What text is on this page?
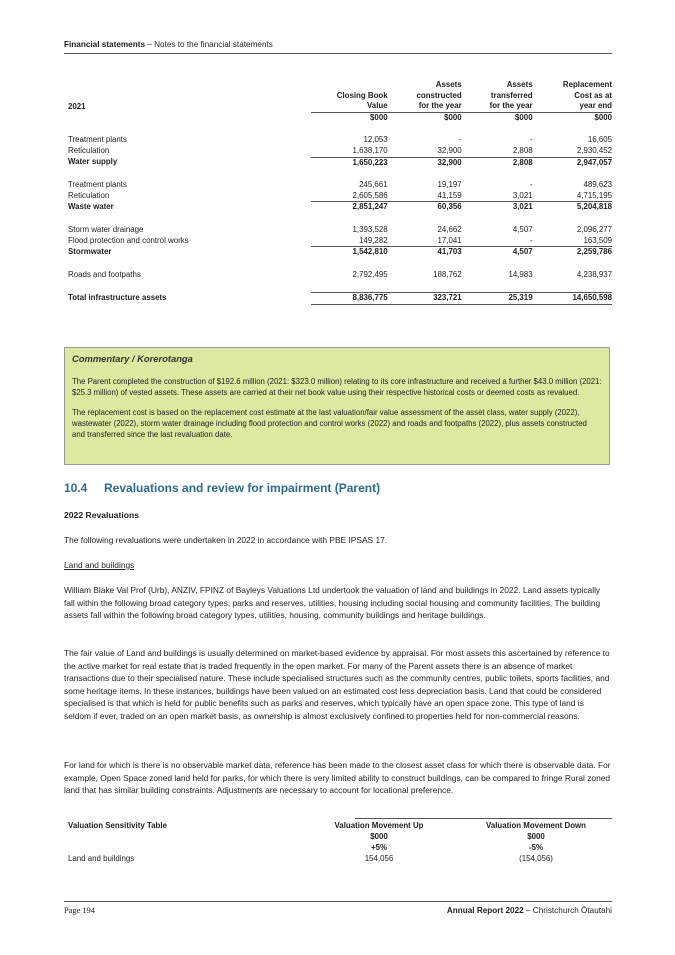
Financial statements – Notes to the financial statements
		Assets	Assets	Replacement
	Closing Book	constructed	transferred	Cost as at
2021	Value	for the year	for the year	year end
	$000	$000	$000	$000

Treatment plants	12,053	-	-	16,605
Reticulation	1,638,170	32,900	2,808	2,930,452
Water supply	1,650,223	32,900	2,808	2,947,057

Treatment plants	245,661	19,197	-	489,623
Reticulation	2,605,586	41,159	3,021	4,715,195
Waste water	2,851,247	60,356	3,021	5,204,818

Storm water drainage	1,393,528	24,662	4,507	2,096,277
Flood protection and control works	149,282	17,041	-	163,509
Stormwater	1,542,810	41,703	4,507	2,259,786

Roads and footpaths	2,792,495	188,762	14,983	4,238,937

Total infrastructure assets	8,836,775	323,721	25,319	14,650,598
Commentary / Korerotanga

The Parent completed the construction of $192.6 million (2021: $323.0 million) relating to its core infrastructure and received a further $43.0 million (2021: $25.3 million) of vested assets. These assets are carried at their net book value using their respective historical costs or deemed costs as revalued.

The replacement cost is based on the replacement cost estimate at the last valuation/fair value assessment of the asset class, water supply (2022), wastewater (2022), storm water drainage including flood protection and control works (2022) and roads and footpaths (2022), plus assets constructed and transferred since the last revaluation date.

10.4 Revaluations and review for impairment (Parent)
2022 Revaluations
The following revaluations were undertaken in 2022 in accordance with PBE IPSAS 17.
Land and buildings
William Blake Val Prof (Urb), ANZIV, FPINZ of Bayleys Valuations Ltd undertook the valuation of land and buildings in 2022. Land assets typically fall within the following broad category types, parks and reserves, utilities, housing including social housing and community facilities. The building assets fall within the following broad category types, utilities, housing, community buildings and heritage buildings.
The fair value of Land and buildings is usually determined on market-based evidence by appraisal. For most assets this ascertained by reference to the active market for real estate that is traded frequently in the open market. For many of the Parent assets there is an absence of market transactions due to their specialised nature. These include specialised structures such as the community centres, public toilets, sports facilities, and some heritage items. In these instances, buildings have been valued on an estimated cost less depreciation basis. Land that could be considered specialised is that which is held for public benefits such as parks and reserves, which typically have an open space zone. This type of land is seldom if ever, traded on an open market basis, as ownership is almost exclusively confined to properties held for non-commercial reasons.
For land for which is there is no observable market data, reference has been made to the closest asset class for which there is observable data. For example, Open Space zoned land held for parks, for which there is very limited ability to construct buildings, can be compared to fringe Rural zoned land that has similar building constraints. Adjustments are necessary to account for locational preference.
Valuation Sensitivity Table	Valuation Movement Up	Valuation Movement Down
	$000	$000
	+5%	-5%
Land and buildings	154,056	(154,056)
Page 194	Annual Report 2022 – Christchurch Ōtautahi
